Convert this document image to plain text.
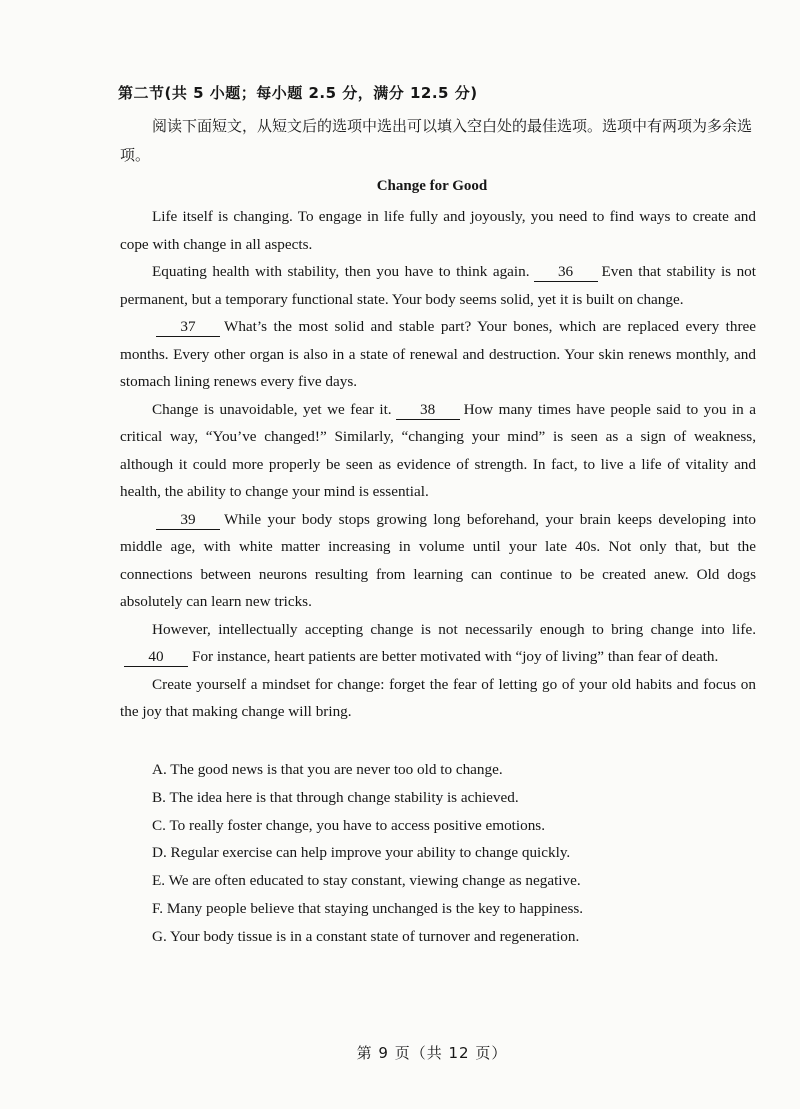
第二节(共 5 小题；每小题 2.5 分，满分 12.5 分)
阅读下面短文，从短文后的选项中选出可以填入空白处的最佳选项。选项中有两项为多余选项。
Change for Good

Life itself is changing. To engage in life fully and joyously, you need to find ways to create and cope with change in all aspects.

Equating health with stability, then you have to think again. 36 Even that stability is not permanent, but a temporary functional state. Your body seems solid, yet it is built on change.

37 What’s the most solid and stable part? Your bones, which are replaced every three months. Every other organ is also in a state of renewal and destruction. Your skin renews monthly, and stomach lining renews every five days.

Change is unavoidable, yet we fear it. 38 How many times have people said to you in a critical way, “You’ve changed!” Similarly, “changing your mind” is seen as a sign of weakness, although it could more properly be seen as evidence of strength. In fact, to live a life of vitality and health, the ability to change your mind is essential.

39 While your body stops growing long beforehand, your brain keeps developing into middle age, with white matter increasing in volume until your late 40s. Not only that, but the connections between neurons resulting from learning can continue to be created anew. Old dogs absolutely can learn new tricks.

However, intellectually accepting change is not necessarily enough to bring change into life.40 For instance, heart patients are better motivated with “joy of living” than fear of death.

Create yourself a mindset for change: forget the fear of letting go of your old habits and focus on the joy that making change will bring.

A. The good news is that you are never too old to change.
B. The idea here is that through change stability is achieved.
C. To really foster change, you have to access positive emotions.
D. Regular exercise can help improve your ability to change quickly.
E. We are often educated to stay constant, viewing change as negative.
F. Many people believe that staying unchanged is the key to happiness.
G. Your body tissue is in a constant state of turnover and regeneration.
第 9 页（共 12 页）
